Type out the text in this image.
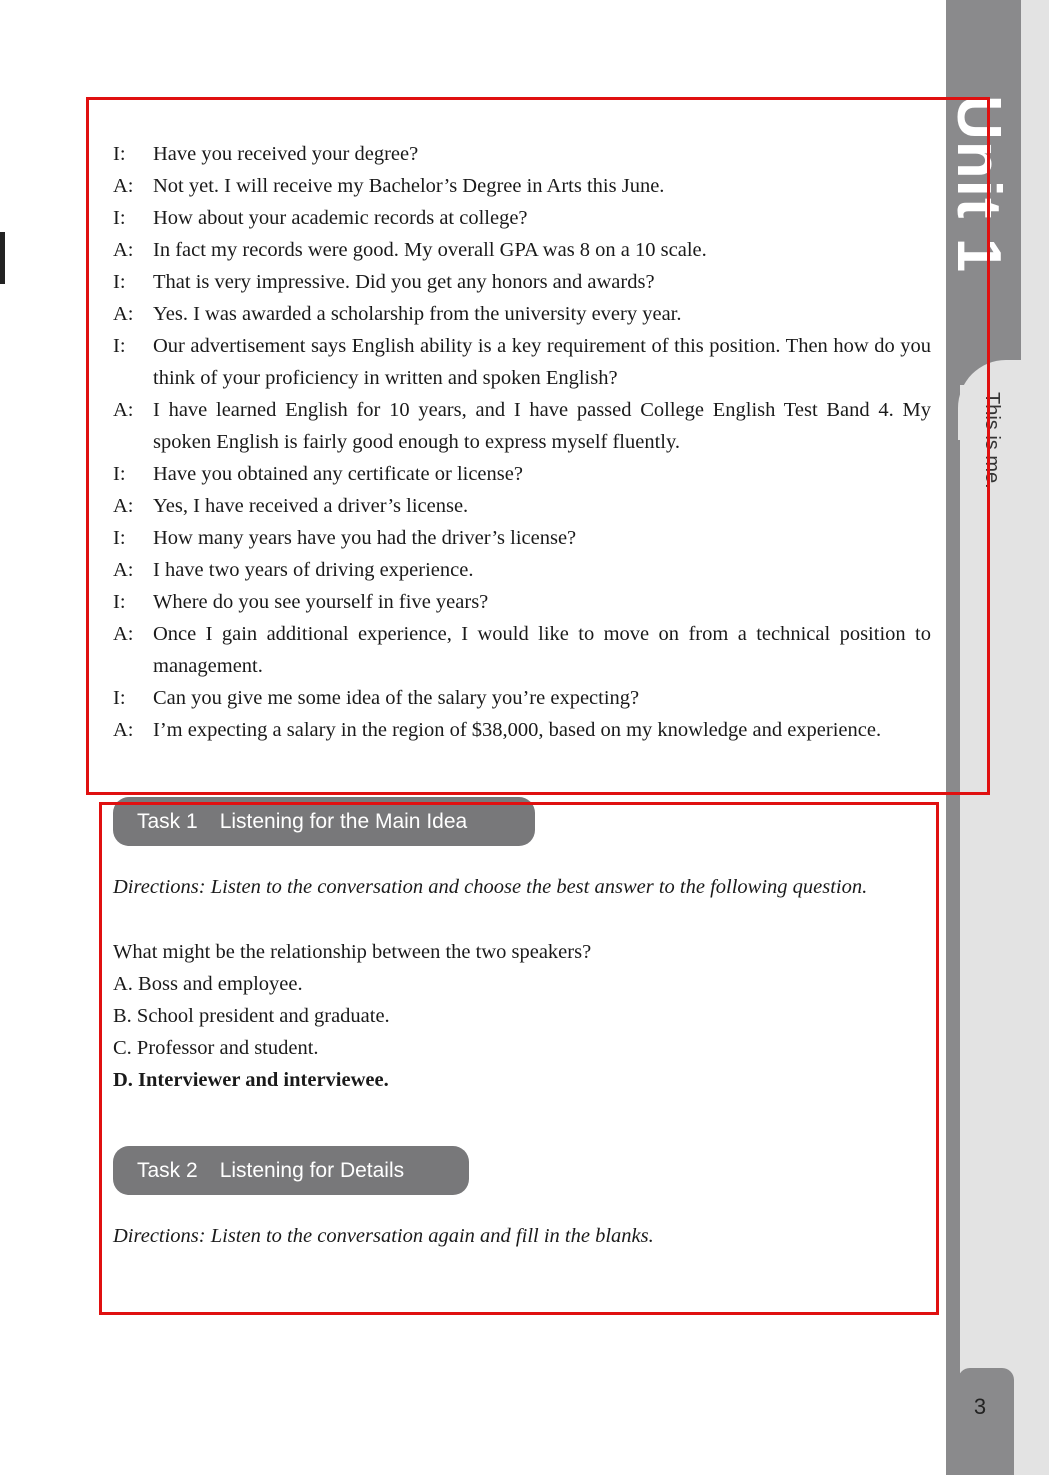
Unit 1
This is me.
3
I:	Have you received your degree?
A: Not yet. I will receive my Bachelor’s Degree in Arts this June.
I:	How about your academic records at college?
A: In fact my records were good. My overall GPA was 8 on a 10 scale.
I:	That is very impressive. Did you get any honors and awards?
A: Yes. I was awarded a scholarship from the university every year.
I:	Our advertisement says English ability is a key requirement of this position. Then how do you think of your proficiency in written and spoken English?
A: I have learned English for 10 years, and I have passed College English Test Band 4. My spoken English is fairly good enough to express myself fluently.
I:	Have you obtained any certificate or license?
A: Yes, I have received a driver’s license.
I:	How many years have you had the driver’s license?
A: I have two years of driving experience.
I:	Where do you see yourself in five years?
A: Once I gain additional experience, I would like to move on from a technical position to management.
I:	Can you give me some idea of the salary you’re expecting?
A: I’m expecting a salary in the region of $38,000, based on my knowledge and experience.
Task 1 Listening for the Main Idea
Directions: Listen to the conversation and choose the best answer to the following question.
What might be the relationship between the two speakers?
A. Boss and employee.
B. School president and graduate.
C. Professor and student.
D. Interviewer and interviewee.
Task 2 Listening for Details
Directions: Listen to the conversation again and fill in the blanks.
